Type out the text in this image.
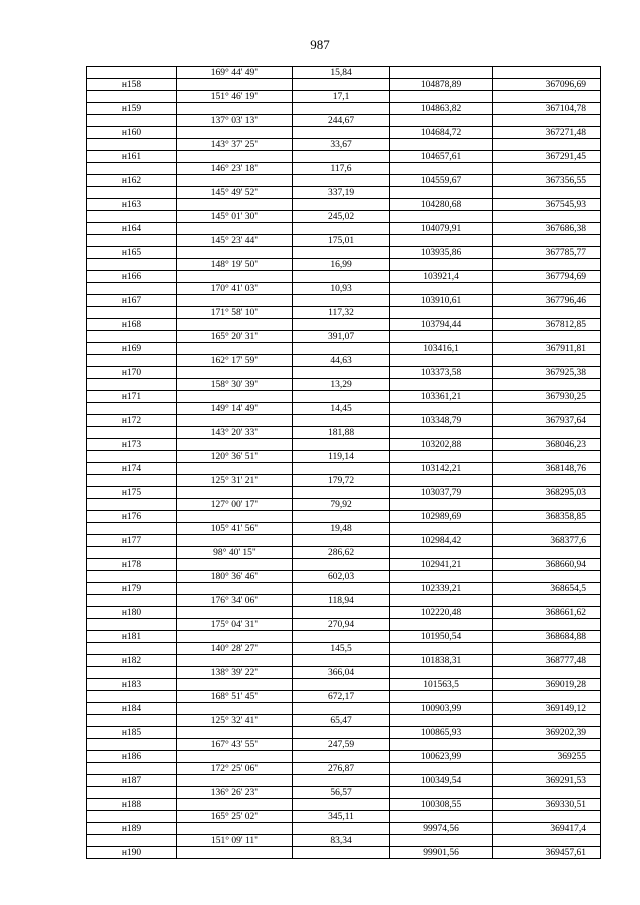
987
	169° 44' 49"	15,84		
н158			104878,89	367096,69
	151° 46' 19"	17,1		
н159			104863,82	367104,78
	137° 03' 13"	244,67		
н160			104684,72	367271,48
	143° 37' 25"	33,67		
н161			104657,61	367291,45
	146° 23' 18"	117,6		
н162			104559,67	367356,55
	145° 49' 52"	337,19		
н163			104280,68	367545,93
	145° 01' 30"	245,02		
н164			104079,91	367686,38
	145° 23' 44"	175,01		
н165			103935,86	367785,77
	148° 19' 50"	16,99		
н166			103921,4	367794,69
	170° 41' 03"	10,93		
н167			103910,61	367796,46
	171° 58' 10"	117,32		
н168			103794,44	367812,85
	165° 20' 31"	391,07		
н169			103416,1	367911,81
	162° 17' 59"	44,63		
н170			103373,58	367925,38
	158° 30' 39"	13,29		
н171			103361,21	367930,25
	149° 14' 49"	14,45		
н172			103348,79	367937,64
	143° 20' 33"	181,88		
н173			103202,88	368046,23
	120° 36' 51"	119,14		
н174			103142,21	368148,76
	125° 31' 21"	179,72		
н175			103037,79	368295,03
	127° 00' 17"	79,92		
н176			102989,69	368358,85
	105° 41' 56"	19,48		
н177			102984,42	368377,6
	98° 40' 15"	286,62		
н178			102941,21	368660,94
	180° 36' 46"	602,03		
н179			102339,21	368654,5
	176° 34' 06"	118,94		
н180			102220,48	368661,62
	175° 04' 31"	270,94		
н181			101950,54	368684,88
	140° 28' 27"	145,5		
н182			101838,31	368777,48
	138° 39' 22"	366,04		
н183			101563,5	369019,28
	168° 51' 45"	672,17		
н184			100903,99	369149,12
	125° 32' 41"	65,47		
н185			100865,93	369202,39
	167° 43' 55"	247,59		
н186			100623,99	369255
	172° 25' 06"	276,87		
н187			100349,54	369291,53
	136° 26' 23"	56,57		
н188			100308,55	369330,51
	165° 25' 02"	345,11		
н189			99974,56	369417,4
	151° 09' 11"	83,34		
н190			99901,56	369457,61
